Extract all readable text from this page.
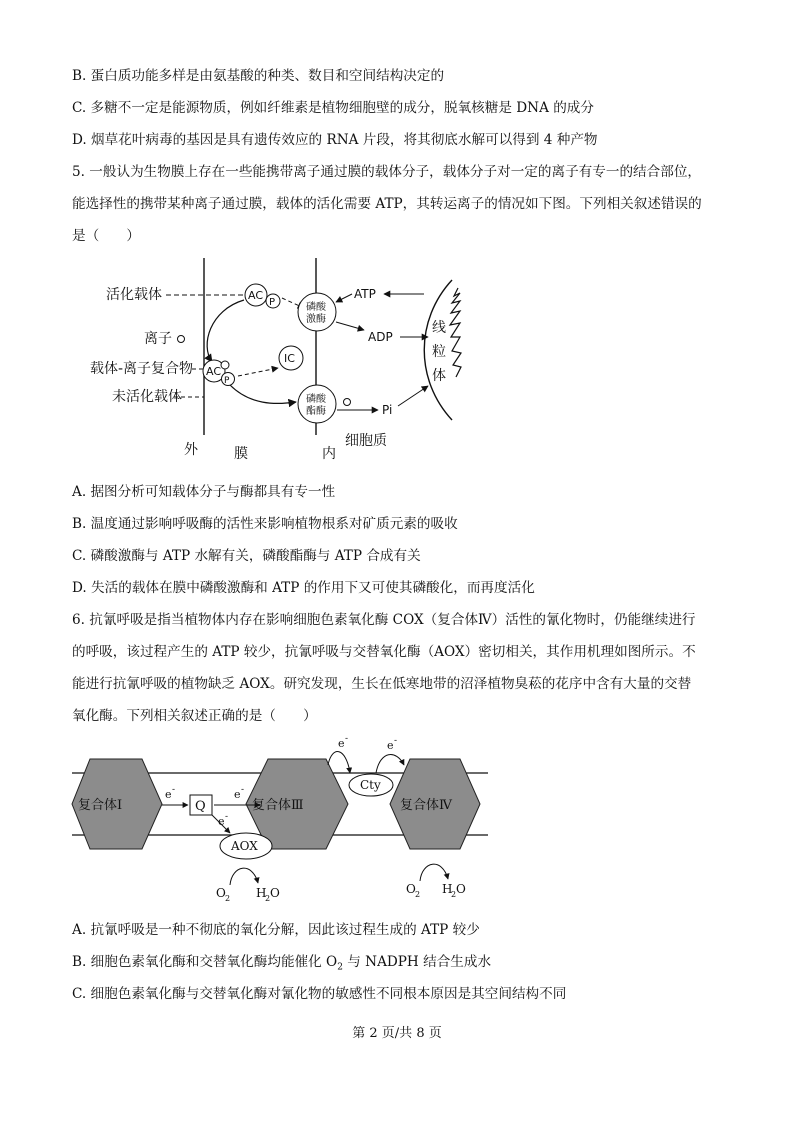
B. 蛋白质功能多样是由氨基酸的种类、数目和空间结构决定的
C. 多糖不一定是能源物质，例如纤维素是植物细胞壁的成分，脱氧核糖是 DNA 的成分
D. 烟草花叶病毒的基因是具有遗传效应的 RNA 片段，将其彻底水解可以得到 4 种产物
5. 一般认为生物膜上存在一些能携带离子通过膜的载体分子，载体分子对一定的离子有专一的结合部位，
能选择性的携带某种离子通过膜，载体的活化需要 ATP，其转运离子的情况如下图。下列相关叙述错误的
是（　　）
活化载体
离子
载体-离子复合物
未活化载体
AC
P
AC
P
IC
磷酸
激酶
磷酸
酯酶
ATP
ADP
Pi
线
粒
体
外	膜	内
细胞质
A. 据图分析可知载体分子与酶都具有专一性
B. 温度通过影响呼吸酶的活性来影响植物根系对矿质元素的吸收
C. 磷酸激酶与 ATP 水解有关，磷酸酯酶与 ATP 合成有关
D. 失活的载体在膜中磷酸激酶和 ATP 的作用下又可使其磷酸化，而再度活化
6. 抗氰呼吸是指当植物体内存在影响细胞色素氧化酶 COX（复合体Ⅳ）活性的氰化物时，仍能继续进行
的呼吸，该过程产生的 ATP 较少，抗氰呼吸与交替氧化酶（AOX）密切相关，其作用机理如图所示。不
能进行抗氰呼吸的植物缺乏 AOX。研究发现，生长在低寒地带的沼泽植物臭菘的花序中含有大量的交替
氧化酶。下列相关叙述正确的是（　　）
复合体Ⅰ	复合体Ⅲ	复合体Ⅳ
Q
e -	e -
e -
Cty
e -	e -
AOX
O 2 H
2 O	O 2 H
2 O
A. 抗氰呼吸是一种不彻底的氧化分解，因此该过程生成的 ATP 较少
B. 细胞色素氧化酶和交替氧化酶均能催化 $O_2$ 与 NADPH 结合生成水
C. 细胞色素氧化酶与交替氧化酶对氰化物的敏感性不同根本原因是其空间结构不同
第 2 页/共 8 页
